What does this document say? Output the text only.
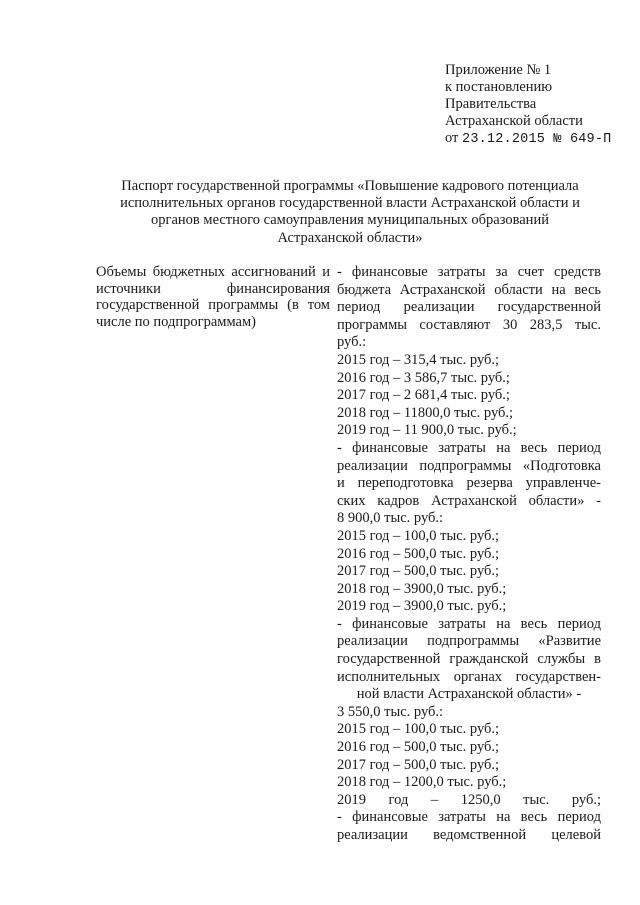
Приложение № 1
к постановлению
Правительства
Астраханской области
от 23.12.2015 № 649-П
Паспорт государственной программы «Повышение кадрового потенциала
исполнительных органов государственной власти Астраханской области и
органов местного самоуправления муниципальных образований
Астраханской области»

Объемы бюджетных ассигнований и источники финансирования государственной программы (в том числе по подпрограммам)

- финансовые затраты за счет средств
бюджета Астраханской области на весь
период реализации государственной
программы составляют 30 283,5 тыс.
руб.:
2015 год – 315,4 тыс. руб.;
2016 год – 3 586,7 тыс. руб.;
2017 год – 2 681,4 тыс. руб.;
2018 год – 11800,0 тыс. руб.;
2019 год – 11 900,0 тыс. руб.;
- финансовые затраты на весь период
реализации подпрограммы «Подготовка
и переподготовка резерва управленче-
ских кадров Астраханской области» -
8 900,0 тыс. руб.:
2015 год – 100,0 тыс. руб.;
2016 год – 500,0 тыс. руб.;
2017 год – 500,0 тыс. руб.;
2018 год – 3900,0 тыс. руб.;
2019 год – 3900,0 тыс. руб.;
- финансовые затраты на весь период
реализации подпрограммы «Развитие
государственной гражданской службы в
исполнительных органах государствен-
ной власти Астраханской области» -
3 550,0 тыс. руб.:
2015 год – 100,0 тыс. руб.;
2016 год – 500,0 тыс. руб.;
2017 год – 500,0 тыс. руб.;
2018 год – 1200,0 тыс. руб.;
2019 год – 1250,0 тыс. руб.;
- финансовые затраты на весь период
реализации ведомственной целевой
